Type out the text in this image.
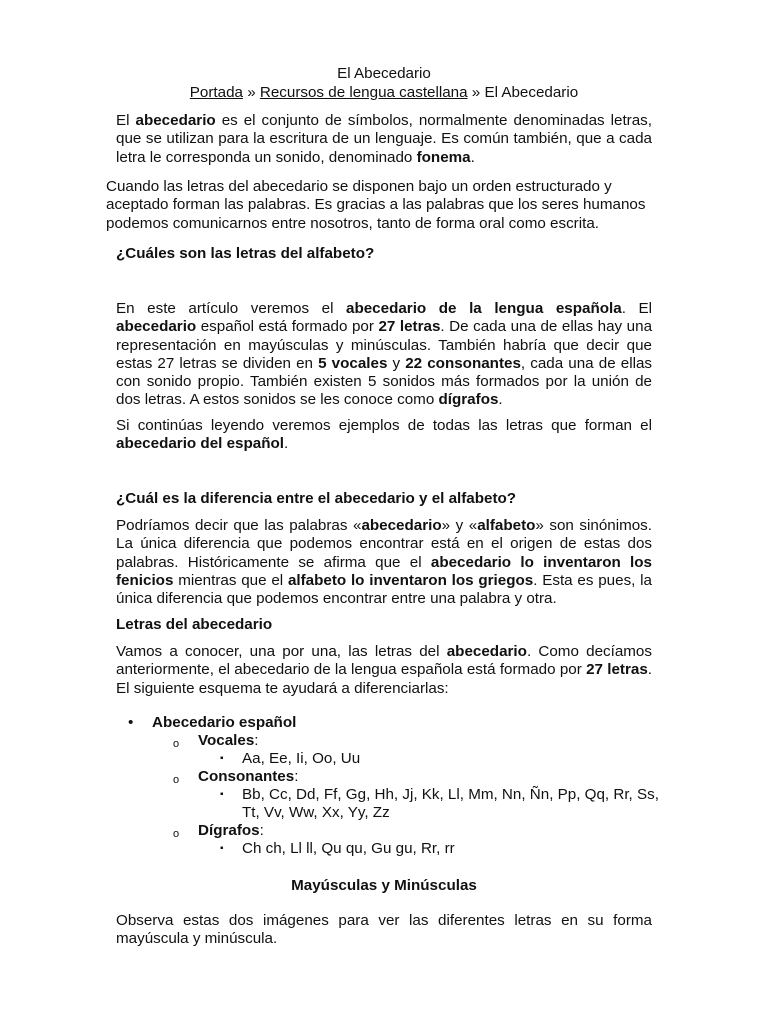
El Abecedario

Portada » Recursos de lengua castellana » El Abecedario

El abecedario es el conjunto de símbolos, normalmente denominadas letras, que se utilizan para la escritura de un lenguaje. Es común también, que a cada letra le corresponda un sonido, denominado fonema.

Cuando las letras del abecedario se disponen bajo un orden estructurado y aceptado forman las palabras. Es gracias a las palabras que los seres humanos podemos comunicarnos entre nosotros, tanto de forma oral como escrita.

¿Cuáles son las letras del alfabeto?

En este artículo veremos el abecedario de la lengua española. El abecedario español está formado por 27 letras. De cada una de ellas hay una representación en mayúsculas y minúsculas. También habría que decir que estas 27 letras se dividen en 5 vocales y 22 consonantes, cada una de ellas con sonido propio. También existen 5 sonidos más formados por la unión de dos letras. A estos sonidos se les conoce como dígrafos.

Si continúas leyendo veremos ejemplos de todas las letras que forman el abecedario del español.

¿Cuál es la diferencia entre el abecedario y el alfabeto?

Podríamos decir que las palabras «abecedario» y «alfabeto» son sinónimos. La única diferencia que podemos encontrar está en el origen de estas dos palabras. Históricamente se afirma que el abecedario lo inventaron los fenicios mientras que el alfabeto lo inventaron los griegos. Esta es pues, la única diferencia que podemos encontrar entre una palabra y otra.

Letras del abecedario

Vamos a conocer, una por una, las letras del abecedario. Como decíamos anteriormente, el abecedario de la lengua española está formado por 27 letras. El siguiente esquema te ayudará a diferenciarlas:

• Abecedario español

o Vocales:

▪ Aa, Ee, Ii, Oo, Uu

o Consonantes:

▪ Bb, Cc, Dd, Ff, Gg, Hh, Jj, Kk, Ll, Mm, Nn, Ñn, Pp, Qq, Rr, Ss,

Tt, Vv, Ww, Xx, Yy, Zz

o Dígrafos:

▪ Ch ch, Ll ll, Qu qu, Gu gu, Rr, rr

Mayúsculas y Minúsculas

Observa estas dos imágenes para ver las diferentes letras en su forma mayúscula y minúscula.
